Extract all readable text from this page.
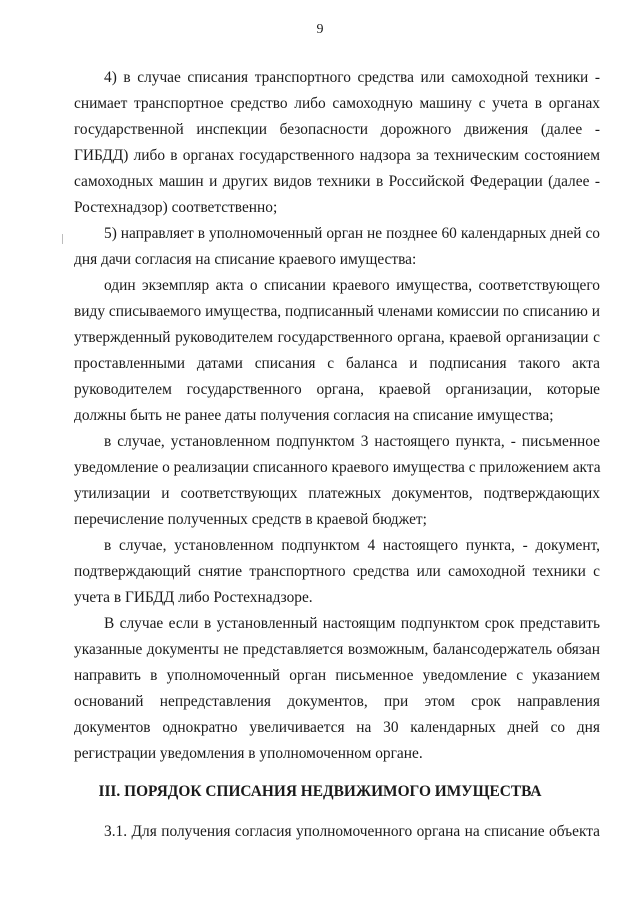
9
4) в случае списания транспортного средства или самоходной техники -
снимает транспортное средство либо самоходную машину с учета в органах
государственной инспекции безопасности дорожного движения (далее -
ГИБДД) либо в органах государственного надзора за техническим состоянием
самоходных машин и других видов техники в Российской Федерации (далее -
Ростехнадзор) соответственно;
5) направляет в уполномоченный орган не позднее 60 календарных дней со
дня дачи согласия на списание краевого имущества:
один экземпляр акта о списании краевого имущества, соответствующего
виду списываемого имущества, подписанный членами комиссии по списанию и
утвержденный руководителем государственного органа, краевой организации с
проставленными датами списания с баланса и подписания такого акта
руководителем государственного органа, краевой организации, которые
должны быть не ранее даты получения согласия на списание имущества;
в случае, установленном подпунктом 3 настоящего пункта, - письменное
уведомление о реализации списанного краевого имущества с приложением акта
утилизации и соответствующих платежных документов, подтверждающих
перечисление полученных средств в краевой бюджет;
в случае, установленном подпунктом 4 настоящего пункта, - документ,
подтверждающий снятие транспортного средства или самоходной техники с
учета в ГИБДД либо Ростехнадзоре.
В случае если в установленный настоящим подпунктом срок представить
указанные документы не представляется возможным, балансодержатель обязан
направить в уполномоченный орган письменное уведомление с указанием
оснований непредставления документов, при этом срок направления
документов однократно увеличивается на 30 календарных дней со дня
регистрации уведомления в уполномоченном органе.
III. ПОРЯДОК СПИСАНИЯ НЕДВИЖИМОГО ИМУЩЕСТВА
3.1. Для получения согласия уполномоченного органа на списание объекта
